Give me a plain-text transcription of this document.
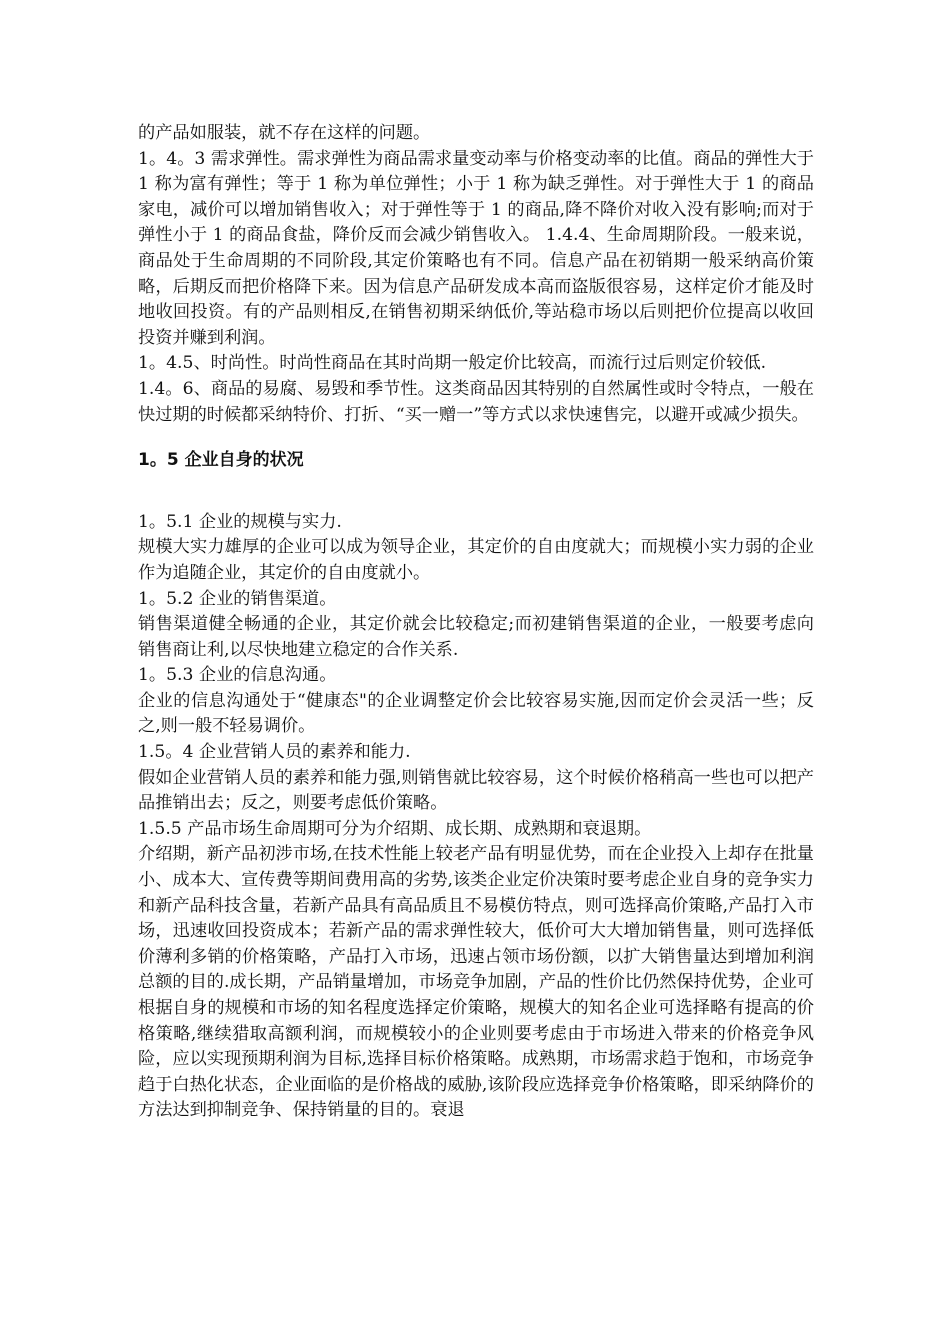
的产品如服装，就不存在这样的问题。

1。4。3 需求弹性。需求弹性为商品需求量变动率与价格变动率的比值。商品的弹性大于 1 称为富有弹性；等于 1 称为单位弹性；小于 1 称为缺乏弹性。对于弹性大于 1 的商品家电，减价可以增加销售收入；对于弹性等于 1 的商品,降不降价对收入没有影响;而对于弹性小于 1 的商品食盐，降价反而会减少销售收入。 1.4.4、生命周期阶段。一般来说，商品处于生命周期的不同阶段,其定价策略也有不同。信息产品在初销期一般采纳高价策略，后期反而把价格降下来。因为信息产品研发成本高而盗版很容易，这样定价才能及时地收回投资。有的产品则相反,在销售初期采纳低价,等站稳市场以后则把价位提高以收回投资并赚到利润。

1。4.5、时尚性。时尚性商品在其时尚期一般定价比较高，而流行过后则定价较低.

1.4。6、商品的易腐、易毁和季节性。这类商品因其特别的自然属性或时令特点，一般在快过期的时候都采纳特价、打折、“买一赠一”等方式以求快速售完，以避开或减少损失。

1。5 企业自身的状况

1。5.1 企业的规模与实力.

规模大实力雄厚的企业可以成为领导企业，其定价的自由度就大；而规模小实力弱的企业作为追随企业，其定价的自由度就小。

1。5.2 企业的销售渠道。

销售渠道健全畅通的企业，其定价就会比较稳定;而初建销售渠道的企业，一般要考虑向销售商让利,以尽快地建立稳定的合作关系.

1。5.3 企业的信息沟通。

企业的信息沟通处于“健康态"的企业调整定价会比较容易实施,因而定价会灵活一些；反之,则一般不轻易调价。

1.5。4 企业营销人员的素养和能力.

假如企业营销人员的素养和能力强,则销售就比较容易，这个时候价格稍高一些也可以把产品推销出去；反之，则要考虑低价策略。

1.5.5 产品市场生命周期可分为介绍期、成长期、成熟期和衰退期。

介绍期，新产品初涉市场,在技术性能上较老产品有明显优势，而在企业投入上却存在批量小、成本大、宣传费等期间费用高的劣势,该类企业定价决策时要考虑企业自身的竞争实力和新产品科技含量，若新产品具有高品质且不易模仿特点，则可选择高价策略,产品打入市场，迅速收回投资成本；若新产品的需求弹性较大，低价可大大增加销售量，则可选择低价薄利多销的价格策略，产品打入市场，迅速占领市场份额，以扩大销售量达到增加利润总额的目的.成长期，产品销量增加，市场竞争加剧，产品的性价比仍然保持优势，企业可根据自身的规模和市场的知名程度选择定价策略，规模大的知名企业可选择略有提高的价格策略,继续猎取高额利润，而规模较小的企业则要考虑由于市场进入带来的价格竞争风险，应以实现预期利润为目标,选择目标价格策略。成熟期，市场需求趋于饱和，市场竞争趋于白热化状态，企业面临的是价格战的威胁,该阶段应选择竞争价格策略，即采纳降价的方法达到抑制竞争、保持销量的目的。衰退
